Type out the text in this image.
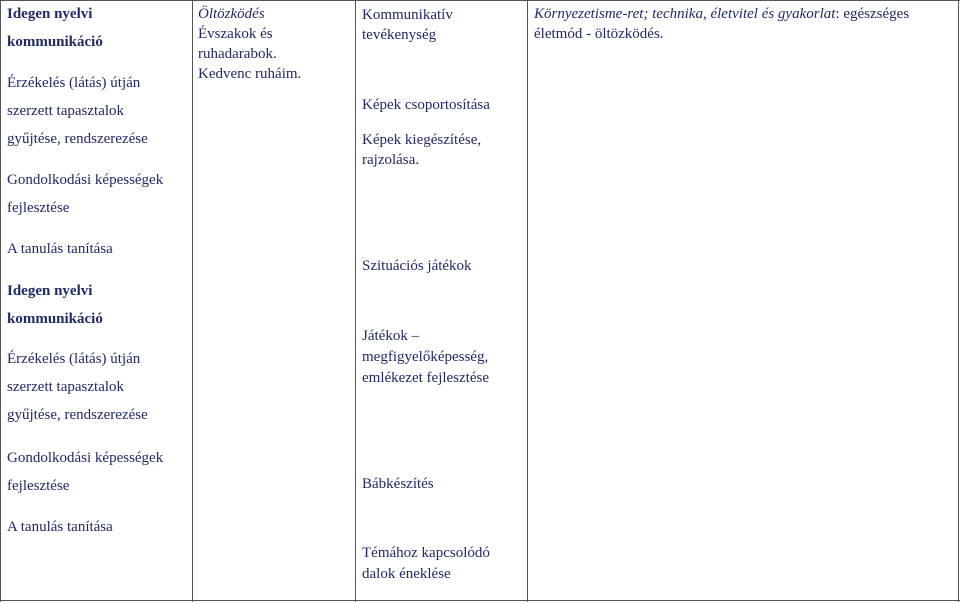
Idegen nyelvi

kommunikáció

Érzékelés (látás) útján

szerzett tapasztalok

gyűjtése, rendszerezése

Gondolkodási képességek

fejlesztése

A tanulás tanítása

Idegen nyelvi

kommunikáció

Érzékelés (látás) útján

szerzett tapasztalok

gyűjtése, rendszerezése

Gondolkodási képességek

fejlesztése

A tanulás tanítása

Öltözködés

Évszakok és

ruhadarabok.

Kedvenc ruháim.

Kommunikatív

tevékenység

Képek csoportosítása

Képek kiegészítése,

rajzolása.

Szituációs játékok

Játékok –

megfigyelőképesség,

emlékezet fejlesztése

Bábkészítés

Témához kapcsolódó

dalok éneklése

Környezetisme-ret; technika, életvitel és gyakorlat: egészséges

életmód - öltözködés.
